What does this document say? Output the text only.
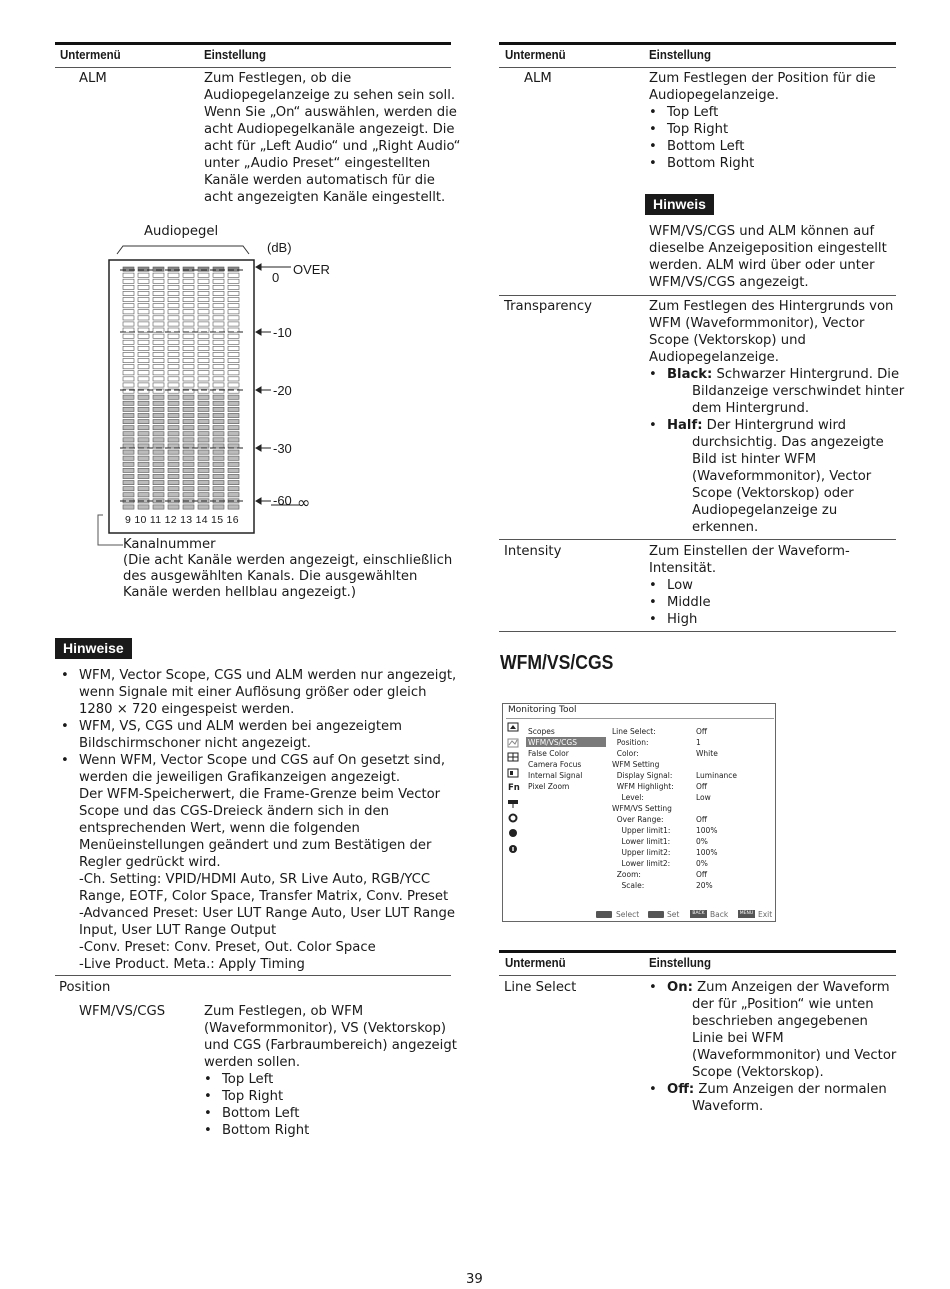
Untermenü	Einstellung
ALM	Zum Festlegen, ob die
Audiopegelanzeige zu sehen sein soll.
Wenn Sie „On“ auswählen, werden die
acht Audiopegelkanäle angezeigt. Die
acht für „Left Audio“ und „Right Audio“
unter „Audio Preset“ eingestellten
Kanäle werden automatisch für die
acht angezeigten Kanäle eingestellt.
Audiopegel
(dB)
OVER
0
-10
-20
-30
-60 ∞
9 10 11 12 13 14 15 16
Kanalnummer
(Die acht Kanäle werden angezeigt, einschließlich
des ausgewählten Kanals. Die ausgewählten
Kanäle werden hellblau angezeigt.)
Hinweise
• WFM, Vector Scope, CGS und ALM werden nur angezeigt,
wenn Signale mit einer Auflösung größer oder gleich
1280 × 720 eingespeist werden.
• WFM, VS, CGS und ALM werden bei angezeigtem
Bildschirmschoner nicht angezeigt.
• Wenn WFM, Vector Scope und CGS auf On gesetzt sind,
werden die jeweiligen Grafikanzeigen angezeigt.
Der WFM-Speicherwert, die Frame-Grenze beim Vector
Scope und das CGS-Dreieck ändern sich in den
entsprechenden Wert, wenn die folgenden
Menüeinstellungen geändert und zum Bestätigen der
Regler gedrückt wird.
-Ch. Setting: VPID/HDMI Auto, SR Live Auto, RGB/YCC
Range, EOTF, Color Space, Transfer Matrix, Conv. Preset
-Advanced Preset: User LUT Range Auto, User LUT Range
Input, User LUT Range Output
-Conv. Preset: Conv. Preset, Out. Color Space
-Live Product. Meta.: Apply Timing
Position
WFM/VS/CGS	Zum Festlegen, ob WFM
(Waveformmonitor), VS (Vektorskop)
und CGS (Farbraumbereich) angezeigt
werden sollen.
• Top Left
• Top Right
• Bottom Left
• Bottom Right
Untermenü	Einstellung
ALM	Zum Festlegen der Position für die
Audiopegelanzeige.
• Top Left
• Top Right
• Bottom Left
• Bottom Right
Hinweis
WFM/VS/CGS und ALM können auf
dieselbe Anzeigeposition eingestellt
werden. ALM wird über oder unter
WFM/VS/CGS angezeigt.
Transparency	Zum Festlegen des Hintergrunds von
WFM (Waveformmonitor), Vector
Scope (Vektorskop) und
Audiopegelanzeige.
• Black: Schwarzer Hintergrund. Die
Bildanzeige verschwindet hinter
dem Hintergrund.
• Half: Der Hintergrund wird
durchsichtig. Das angezeigte
Bild ist hinter WFM
(Waveformmonitor), Vector
Scope (Vektorskop) oder
Audiopegelanzeige zu
erkennen.
Intensity	Zum Einstellen der Waveform-
Intensität.
• Low
• Middle
• High
WFM/VS/CGS
Monitoring Tool
Fn
Scopes
WFM/VS/CGS
False Color
Camera Focus
Internal Signal
Pixel Zoom
Line Select:	Off
Position:	1
Color:	White
WFM Setting
Display Signal:	Luminance
WFM Highlight:	Off
Level:	Low
WFM/VS Setting
Over Range:	Off
Upper limit1:	100%
Lower limit1:	0%
Upper limit2:	100%
Lower limit2:	0%
Zoom:	Off
Scale:	20%
Select	Set	BACK Back	MENU Exit
Untermenü	Einstellung
Line Select
•	On: Zum Anzeigen der Waveform
der für „Position“ wie unten
beschrieben angegebenen
Linie bei WFM
(Waveformmonitor) und Vector
Scope (Vektorskop).
• Off: Zum Anzeigen der normalen
Waveform.
39
